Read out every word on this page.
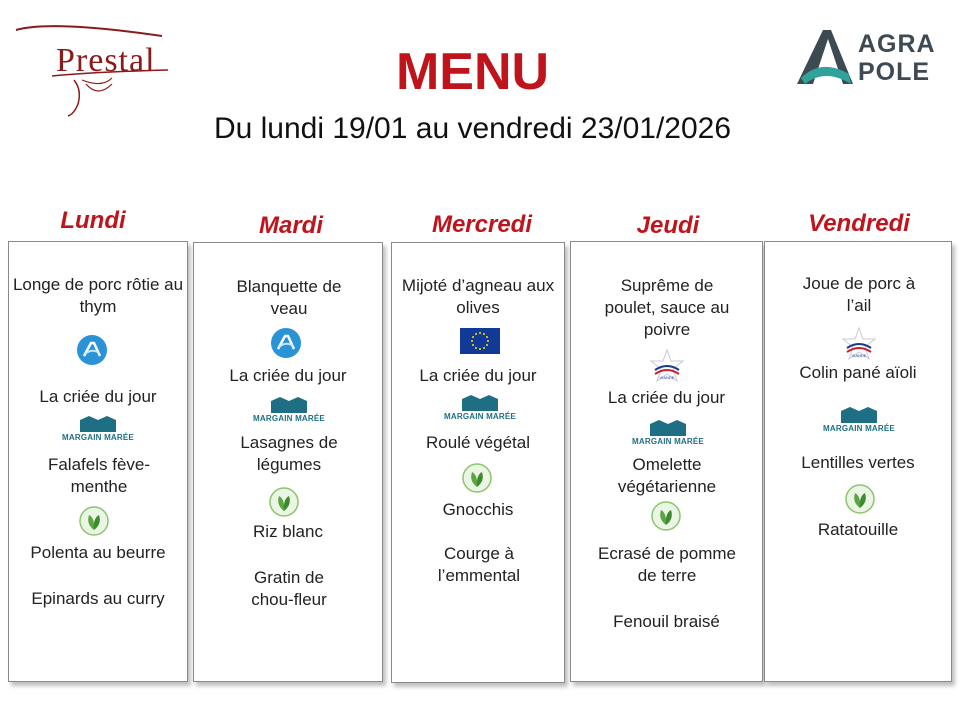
Prestal	AGRA
POLE
MENU
Du lundi 19/01 au vendredi 23/01/2026
Lundi	Mardi	Mercredi	Jeudi	Vendredi
Longe de porc rôtie au thym
La criée du jour
MARGAIN MARÉE
Falafels fève-menthe
Polenta au beurre
Epinards au curry
Blanquette de veau
La criée du jour
MARGAIN MARÉE
Lasagnes de légumes
Riz blanc
Gratin de chou-fleur
Mijoté d’agneau aux olives
La criée du jour
MARGAIN MARÉE
Roulé végétal
Gnocchis
Courge à l’emmental
Suprême de poulet, sauce au poivre
VIANDE
La criée du jour
MARGAIN MARÉE
Omelette végétarienne
Ecrasé de pomme de terre
Fenouil braisé
Joue de porc à l’ail
VIANDE
Colin pané aïoli
MARGAIN MARÉE
Lentilles vertes
Ratatouille
